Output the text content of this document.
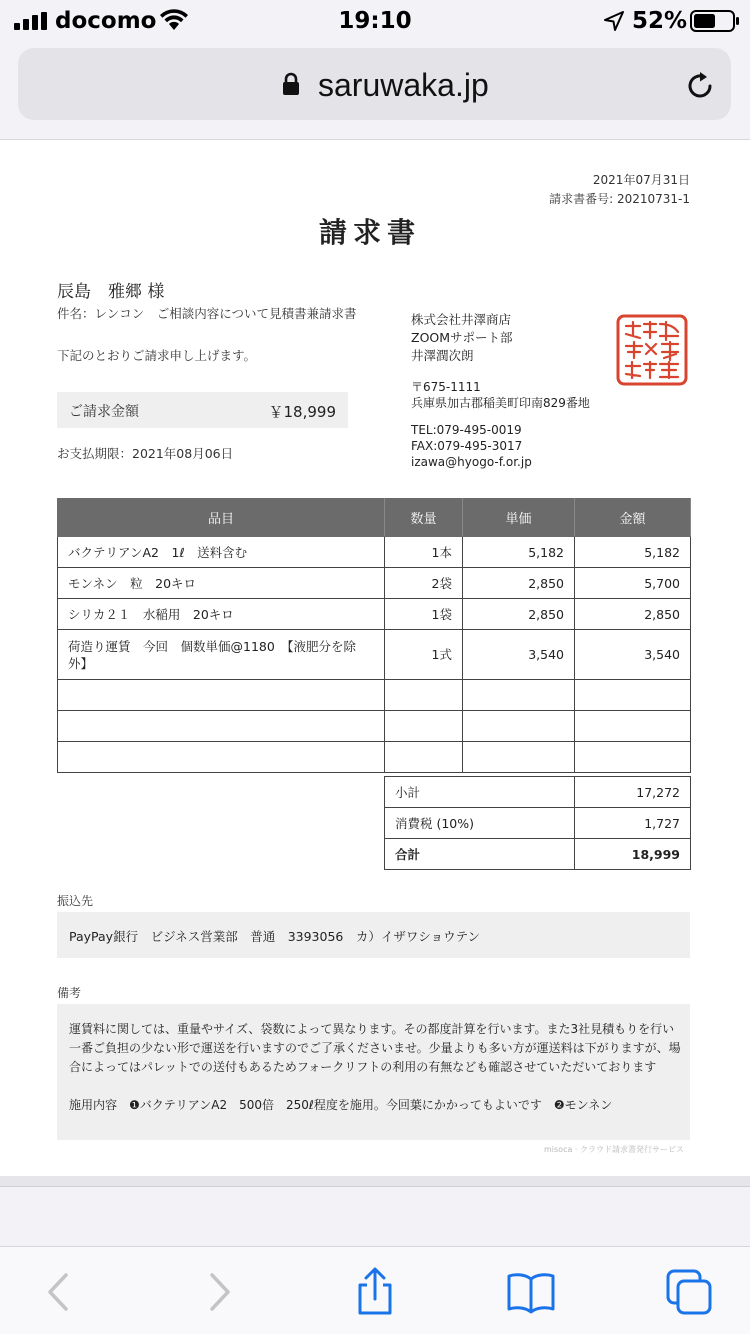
docomo	19:10	52%
saruwaka.jp
2021年07月31日
請求書番号: 20210731-1
請求書
辰島　雅郷 様
件名：レンコン　ご相談内容について見積書兼請求書
下記のとおりご請求申し上げます。
ご請求金額	￥18,999
お支払期限：2021年08月06日
株式会社井澤商店
ZOOMサポート部
井澤潤次朗
〒675-1111
兵庫県加古郡稲美町印南829番地
TEL:079-495-0019
FAX:079-495-3017
izawa@hyogo-f.or.jp
品目	数量	単価	金額
バクテリアンA2　1ℓ　送料含む	1本	5,182	5,182
モンネン　粒　20キロ	2袋	2,850	5,700
シリカ２１　水稲用　20キロ	1袋	2,850	2,850
荷造り運賃　今回　個数単価@1180　【液肥分を除外】	1式	3,540	3,540

小計	17,272
消費税 (10%)	1,727
合計	18,999
振込先
PayPay銀行　ビジネス営業部　普通　3393056　カ）イザワショウテン
備考
運賃料に関しては、重量やサイズ、袋数によって異なります。その都度計算を行います。また3社見積もりを行い一番ご負担の少ない形で運送を行いますのでご了承くださいませ。少量よりも多い方が運送料は下がりますが、場合によってはパレットでの送付もあるためフォークリフトの利用の有無なども確認させていただいております
施用内容　❶バクテリアンA2　500倍　250ℓ程度を施用。今回葉にかかってもよいです　❷モンネン
misoca · クラウド請求書発行サービス
